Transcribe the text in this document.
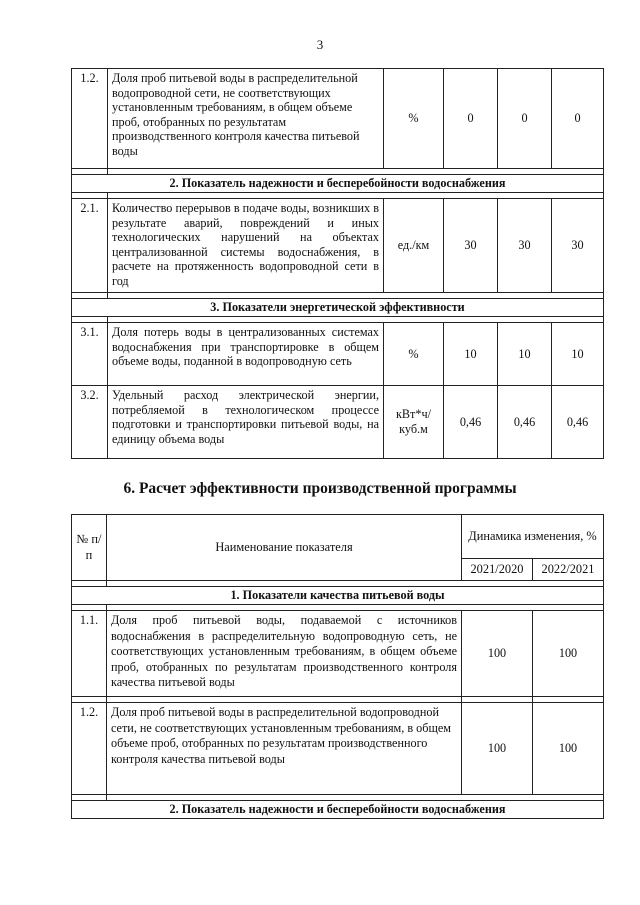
3
1.2.	Доля проб питьевой воды в распределительной водопроводной сети, не соответствующих установленным требованиям, в общем объеме проб, отобранных по результатам производственного контроля качества питьевой воды	%	0	0	0

2. Показатель надежности и бесперебойности водоснабжения					

2.1.	Количество перерывов в подаче воды, возникших в результате аварий, повреждений и иных технологических нарушений на объектах централизованной системы водоснабжения, в расчете на протяженность водопроводной сети в год	ед./км	30	30	30

3. Показатели энергетической эффективности					

3.1.	Доля потерь воды в централизованных системах водоснабжения при транспортировке в общем объеме воды, поданной в водопроводную сеть	%	10	10	10
3.2.	Удельный расход электрической энергии, потребляемой в технологическом процессе подготовки и транспортировки питьевой воды, на единицу объема воды	кВт*ч/ куб.м	0,46	0,46	0,46
6. Расчет эффективности производственной программы
№ п/п	Наименование показателя	Динамика изменения, %	
		2021/2020	2022/2021

1. Показатели качества питьевой воды			

1.1.	Доля проб питьевой воды, подаваемой с источников водоснабжения в распределительную водопроводную сеть, не соответствующих установленным требованиям, в общем объеме проб, отобранных по результатам производственного контроля качества питьевой воды	100	100

1.2.	Доля проб питьевой воды в распределительной водопроводной сети, не соответствующих установленным требованиям, в общем объеме проб, отобранных по результатам производственного контроля качества питьевой воды	100	100

2. Показатель надежности и бесперебойности водоснабжения			
